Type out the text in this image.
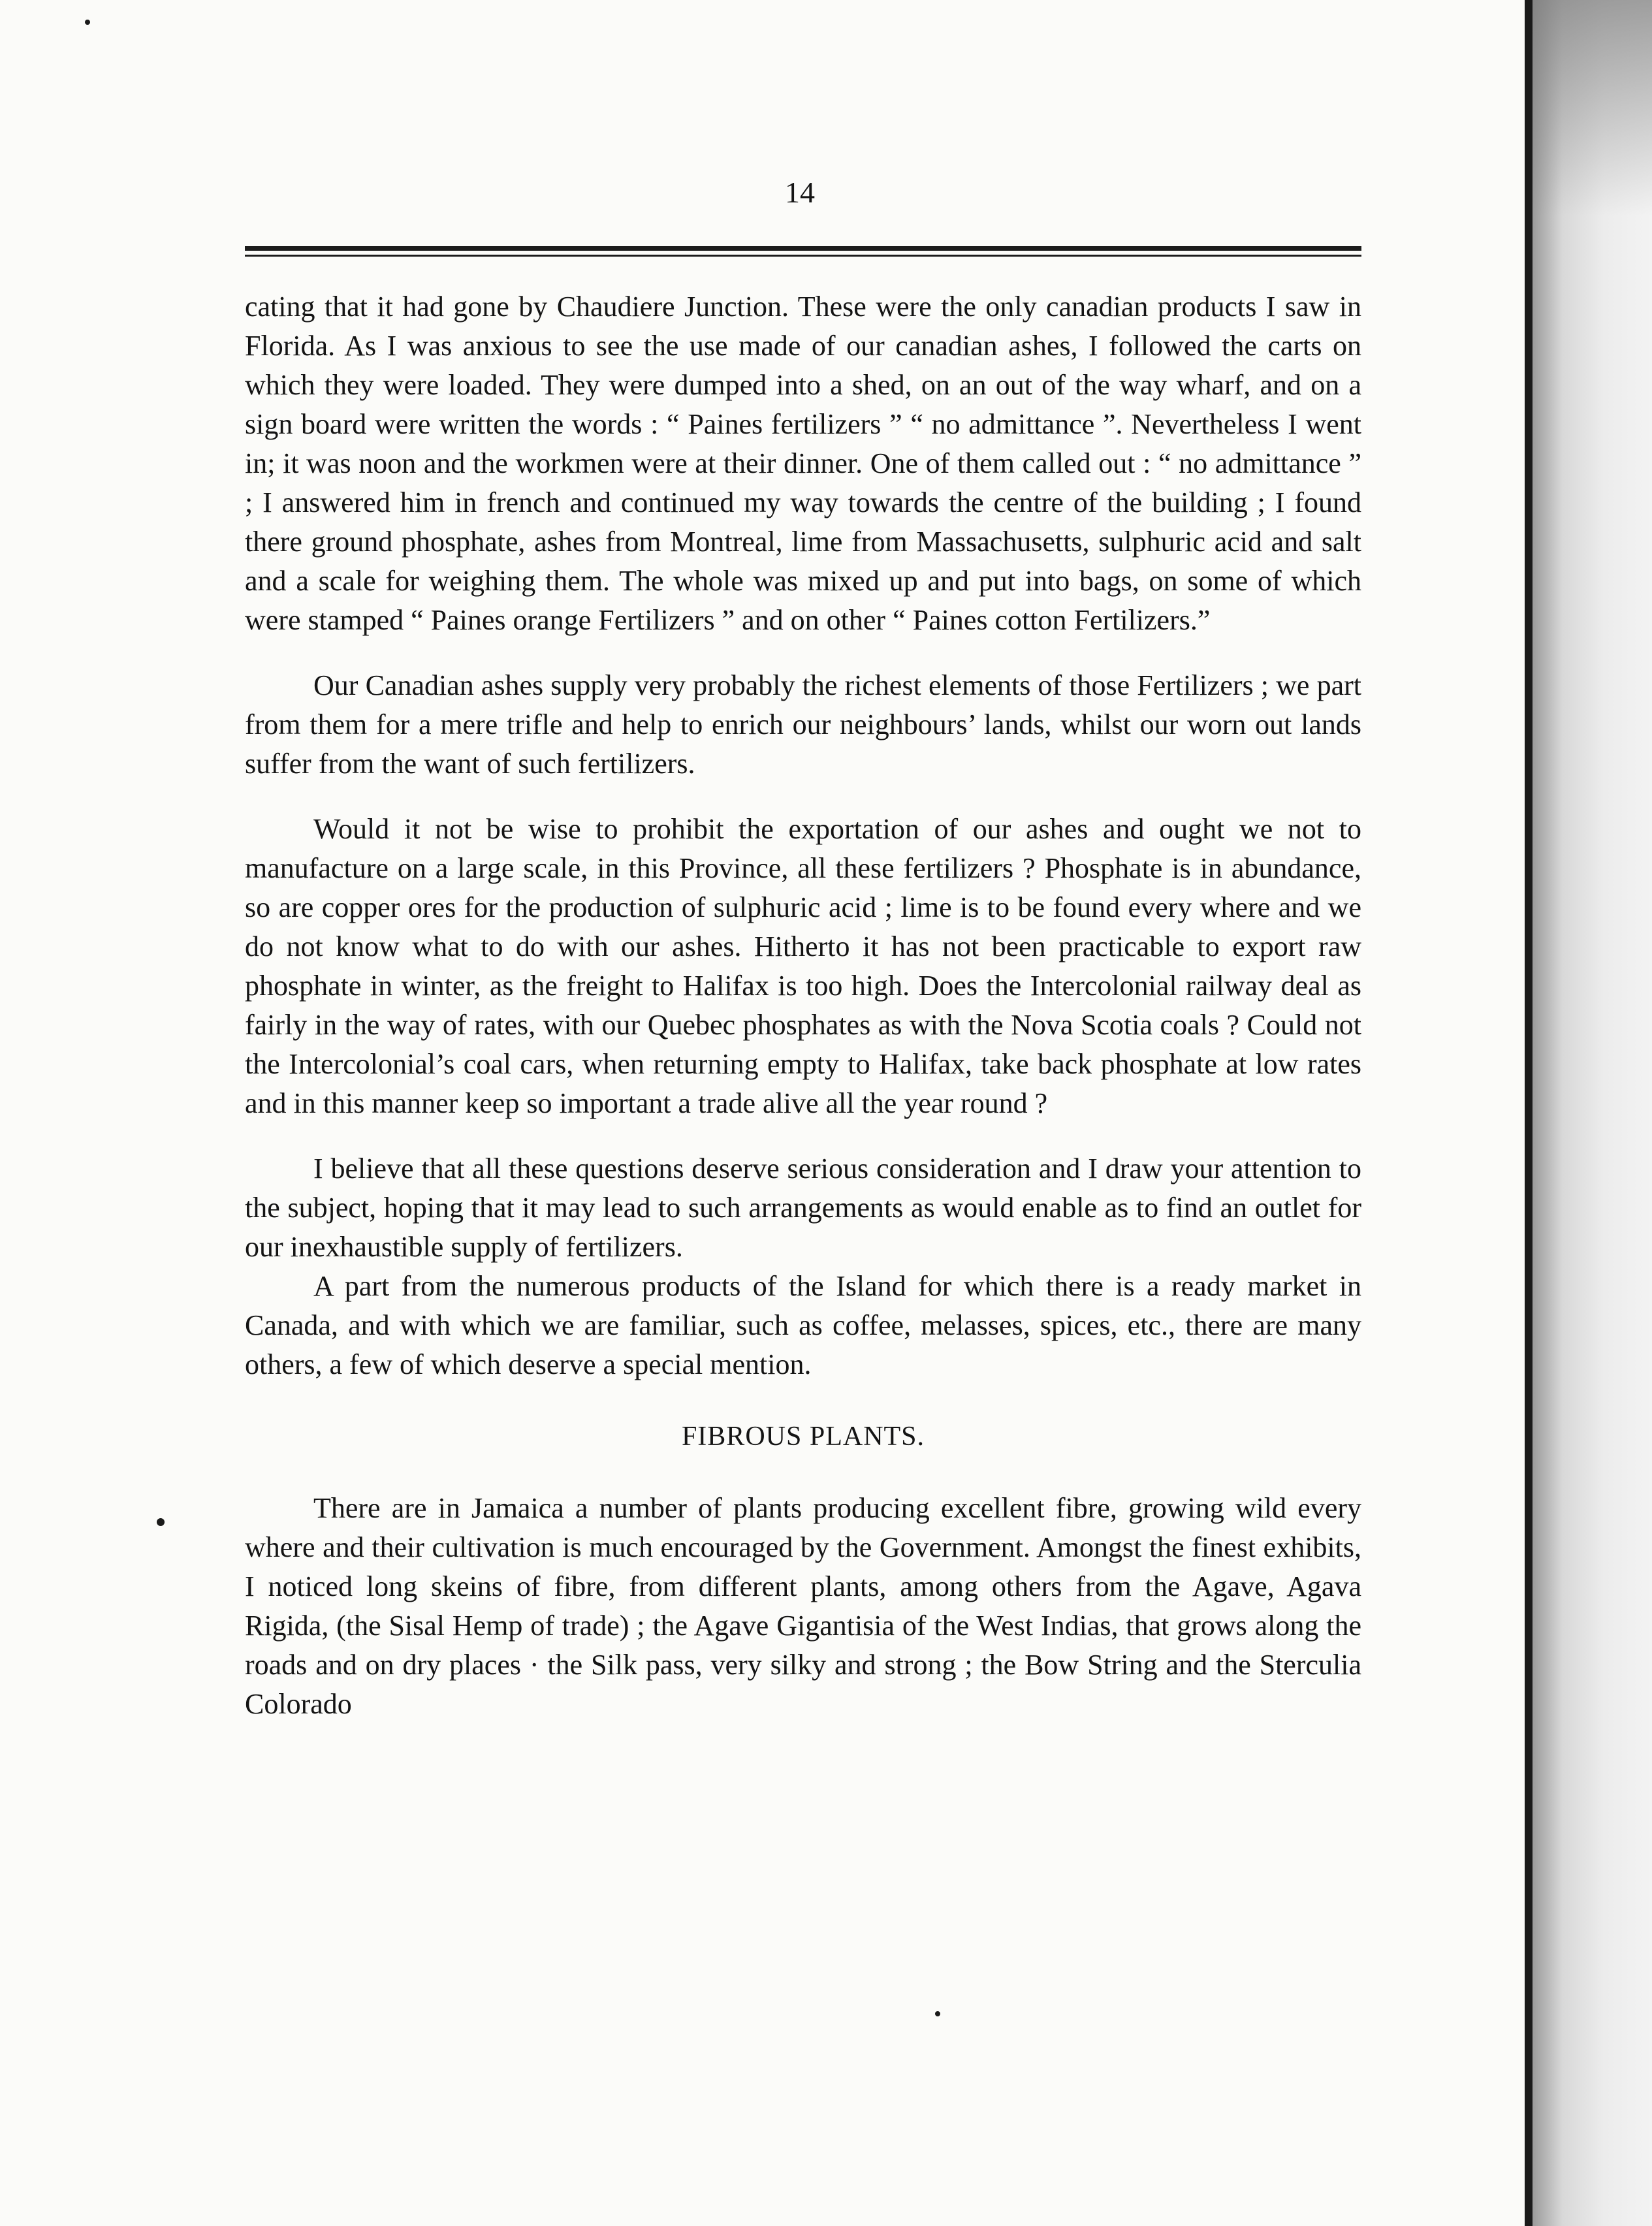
14

cating that it had gone by Chaudiere Junction. These were the only canadian products I saw in Florida. As I was anxious to see the use made of our canadian ashes, I followed the carts on which they were loaded. They were dumped into a shed, on an out of the way wharf, and on a sign board were written the words : “ Paines fertilizers ” “ no admittance ”. Nevertheless I went in; it was noon and the workmen were at their dinner. One of them called out : “ no admittance ” ; I answered him in french and continued my way towards the centre of the building ; I found there ground phosphate, ashes from Montreal, lime from Massachusetts, sulphuric acid and salt and a scale for weighing them. The whole was mixed up and put into bags, on some of which were stamped “ Paines orange Fertilizers ” and on other “ Paines cotton Fertilizers.”

Our Canadian ashes supply very probably the richest elements of those Fertilizers ; we part from them for a mere trifle and help to enrich our neighbours’ lands, whilst our worn out lands suffer from the want of such fertilizers.

Would it not be wise to prohibit the exportation of our ashes and ought we not to manufacture on a large scale, in this Province, all these fertilizers ? Phosphate is in abundance, so are copper ores for the production of sulphuric acid ; lime is to be found every where and we do not know what to do with our ashes. Hitherto it has not been practicable to export raw phosphate in winter, as the freight to Halifax is too high. Does the Intercolonial railway deal as fairly in the way of rates, with our Quebec phosphates as with the Nova Scotia coals ? Could not the Intercolonial’s coal cars, when returning empty to Halifax, take back phosphate at low rates and in this manner keep so important a trade alive all the year round ?

I believe that all these questions deserve serious consideration and I draw your attention to the subject, hoping that it may lead to such arrangements as would enable as to find an outlet for our inexhaustible supply of fertilizers.

A part from the numerous products of the Island for which there is a ready market in Canada, and with which we are familiar, such as coffee, melasses, spices, etc., there are many others, a few of which deserve a special mention.

FIBROUS PLANTS.

There are in Jamaica a number of plants producing excellent fibre, growing wild every where and their cultivation is much encouraged by the Government. Amongst the finest exhibits, I noticed long skeins of fibre, from different plants, among others from the Agave, Agava Rigida, (the Sisal Hemp of trade) ; the Agave Gigantisia of the West Indias, that grows along the roads and on dry places · the Silk pass, very silky and strong ; the Bow String and the Sterculia Colorado
